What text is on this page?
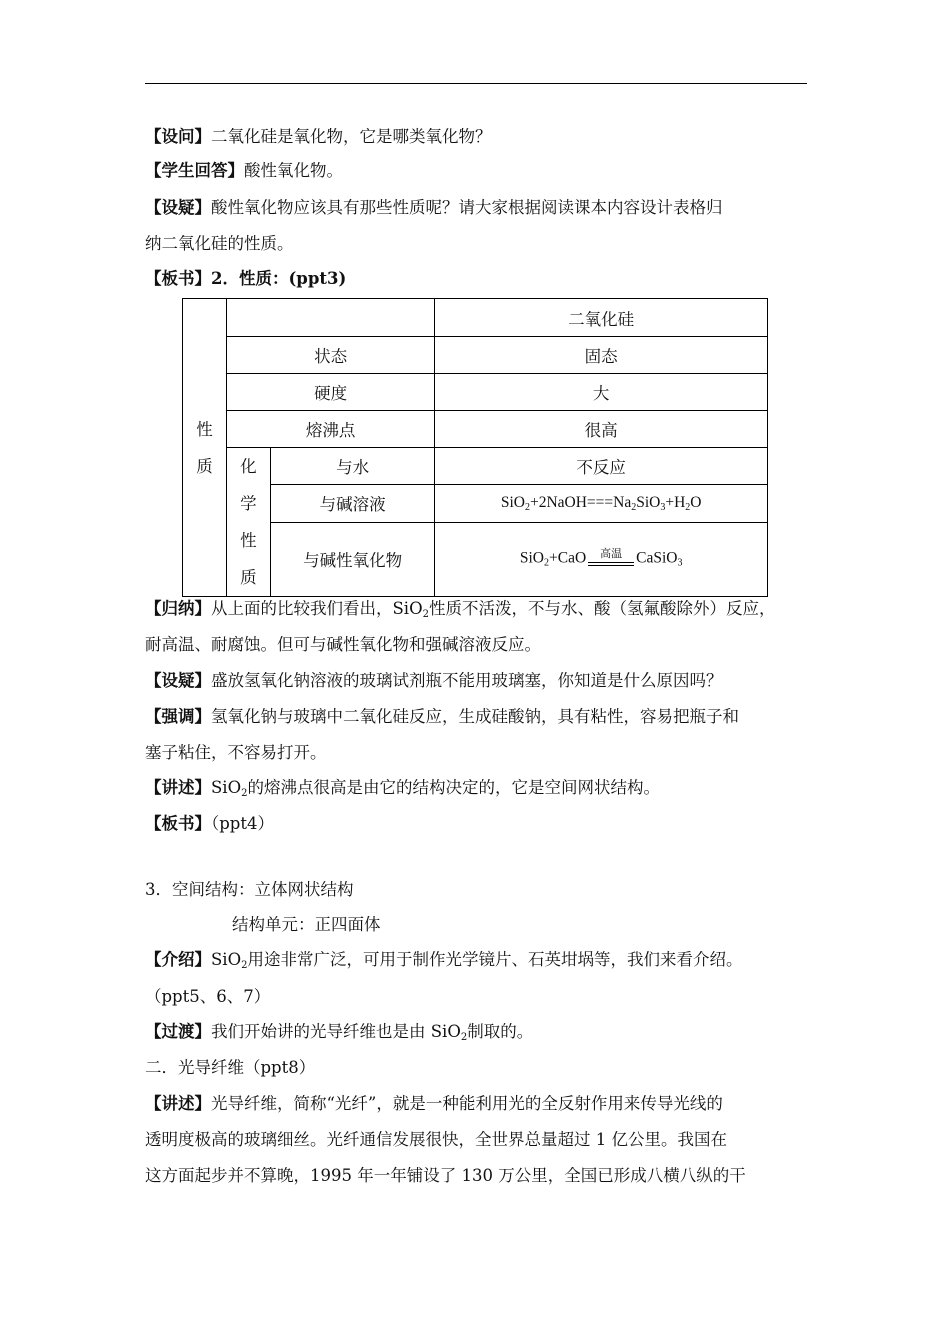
【设问】二氧化硅是氧化物，它是哪类氧化物？
【学生回答】酸性氧化物。
【设疑】酸性氧化物应该具有那些性质呢？请大家根据阅读课本内容设计表格归
纳二氧化硅的性质。
【板书】2．性质：(ppt3)
性质			二氧化硅
	状态		固态
	硬度		大
	熔沸点		很高
	化学性质	与水	不反应
		与碱溶液	$SiO_2+2NaOH===Na_2SiO_3+H_2O$
		与碱性氧化物	SiO$_2$+CaO 高温 CaSiO$_3$
【归纳】从上面的比较我们看出，SiO$_2$性质不活泼，不与水、酸（氢氟酸除外）反应，
耐高温、耐腐蚀。但可与碱性氧化物和强碱溶液反应。
【设疑】盛放氢氧化钠溶液的玻璃试剂瓶不能用玻璃塞，你知道是什么原因吗？
【强调】氢氧化钠与玻璃中二氧化硅反应，生成硅酸钠，具有粘性，容易把瓶子和
塞子粘住，不容易打开。
【讲述】SiO$_2$的熔沸点很高是由它的结构决定的，它是空间网状结构。
【板书】（ppt4）
3．空间结构：立体网状结构
结构单元：正四面体
【介绍】SiO$_2$用途非常广泛，可用于制作光学镜片、石英坩埚等，我们来看介绍。
（ppt5、6、7）
【过渡】我们开始讲的光导纤维也是由 SiO$_2$制取的。
二．光导纤维（ppt8）
【讲述】光导纤维，简称“光纤”，就是一种能利用光的全反射作用来传导光线的
透明度极高的玻璃细丝。光纤通信发展很快，全世界总量超过 1 亿公里。我国在
这方面起步并不算晚，1995 年一年铺设了 130 万公里，全国已形成八横八纵的干
